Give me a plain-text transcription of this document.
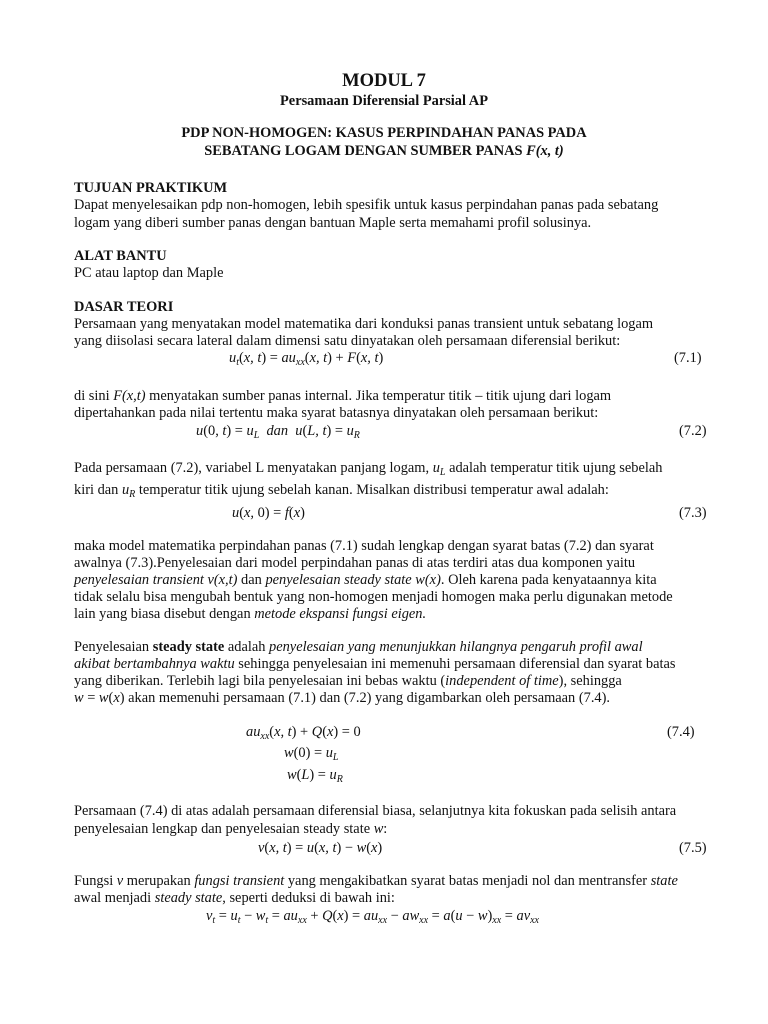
MODUL 7
Persamaan Diferensial Parsial AP
PDP NON-HOMOGEN: KASUS PERPINDAHAN PANAS PADA
SEBATANG LOGAM DENGAN SUMBER PANAS F(x, t)
TUJUAN PRAKTIKUM
Dapat menyelesaikan pdp non-homogen, lebih spesifik untuk kasus perpindahan panas pada sebatang
logam yang diberi sumber panas dengan bantuan Maple serta memahami profil solusinya.
ALAT BANTU
PC atau laptop dan Maple
DASAR TEORI
Persamaan yang menyatakan model matematika dari konduksi panas transient untuk sebatang logam
yang diisolasi secara lateral dalam dimensi satu dinyatakan oleh persamaan diferensial berikut:
$u_t(x$, $t) = au_{xx}(x$, t) + F(x, t)	(7.1)
di sini F(x,t) menyatakan sumber panas internal. Jika temperatur titik – titik ujung dari logam
dipertahankan pada nilai tertentu maka syarat batasnya dinyatakan oleh persamaan berikut:
u(0, $t) = u_L$ dan  u(L, $t) = u_R$	(7.2)
Pada persamaan (7.2), variabel L menyatakan panjang logam, $u_L$ adalah temperatur titik ujung sebelah
kiri dan $u_R$ temperatur titik ujung sebelah kanan. Misalkan distribusi temperatur awal adalah:
u(x, 0) = f(x)	(7.3)
maka model matematika perpindahan panas (7.1) sudah lengkap dengan syarat batas (7.2) dan syarat
awalnya (7.3).Penyelesaian dari model perpindahan panas di atas terdiri atas dua komponen yaitu
penyelesaian transient v(x,t) dan penyelesaian steady state w(x). Oleh karena pada kenyataannya kita
tidak selalu bisa mengubah bentuk yang non-homogen menjadi homogen maka perlu digunakan metode
lain yang biasa disebut dengan metode ekspansi fungsi eigen.
Penyelesaian steady state adalah penyelesaian yang menunjukkan hilangnya pengaruh profil awal
akibat bertambahnya waktu sehingga penyelesaian ini memenuhi persamaan diferensial dan syarat batas
yang diberikan. Terlebih lagi bila penyelesaian ini bebas waktu (independent of time), sehingga
w = w(x) akan memenuhi persamaan (7.1) dan (7.2) yang digambarkan oleh persamaan (7.4).
$au_{xx}(x$, t) + Q(x) = 0	(7.4)
$w(0) = u_L$
$w(L) = u_R$
Persamaan (7.4) di atas adalah persamaan diferensial biasa, selanjutnya kita fokuskan pada selisih antara
penyelesaian lengkap dan penyelesaian steady state w:
v(x, t) = u(x, t) − w(x)	(7.5)
Fungsi v merupakan fungsi transient yang mengakibatkan syarat batas menjadi nol dan mentransfer state
awal menjadi steady state, seperti deduksi di bawah ini:
$v_t = u_t - w_t = au_{xx} + Q(x) = au_{xx} - aw_{xx} = a(u - w)_{xx} = av_{xx}$
